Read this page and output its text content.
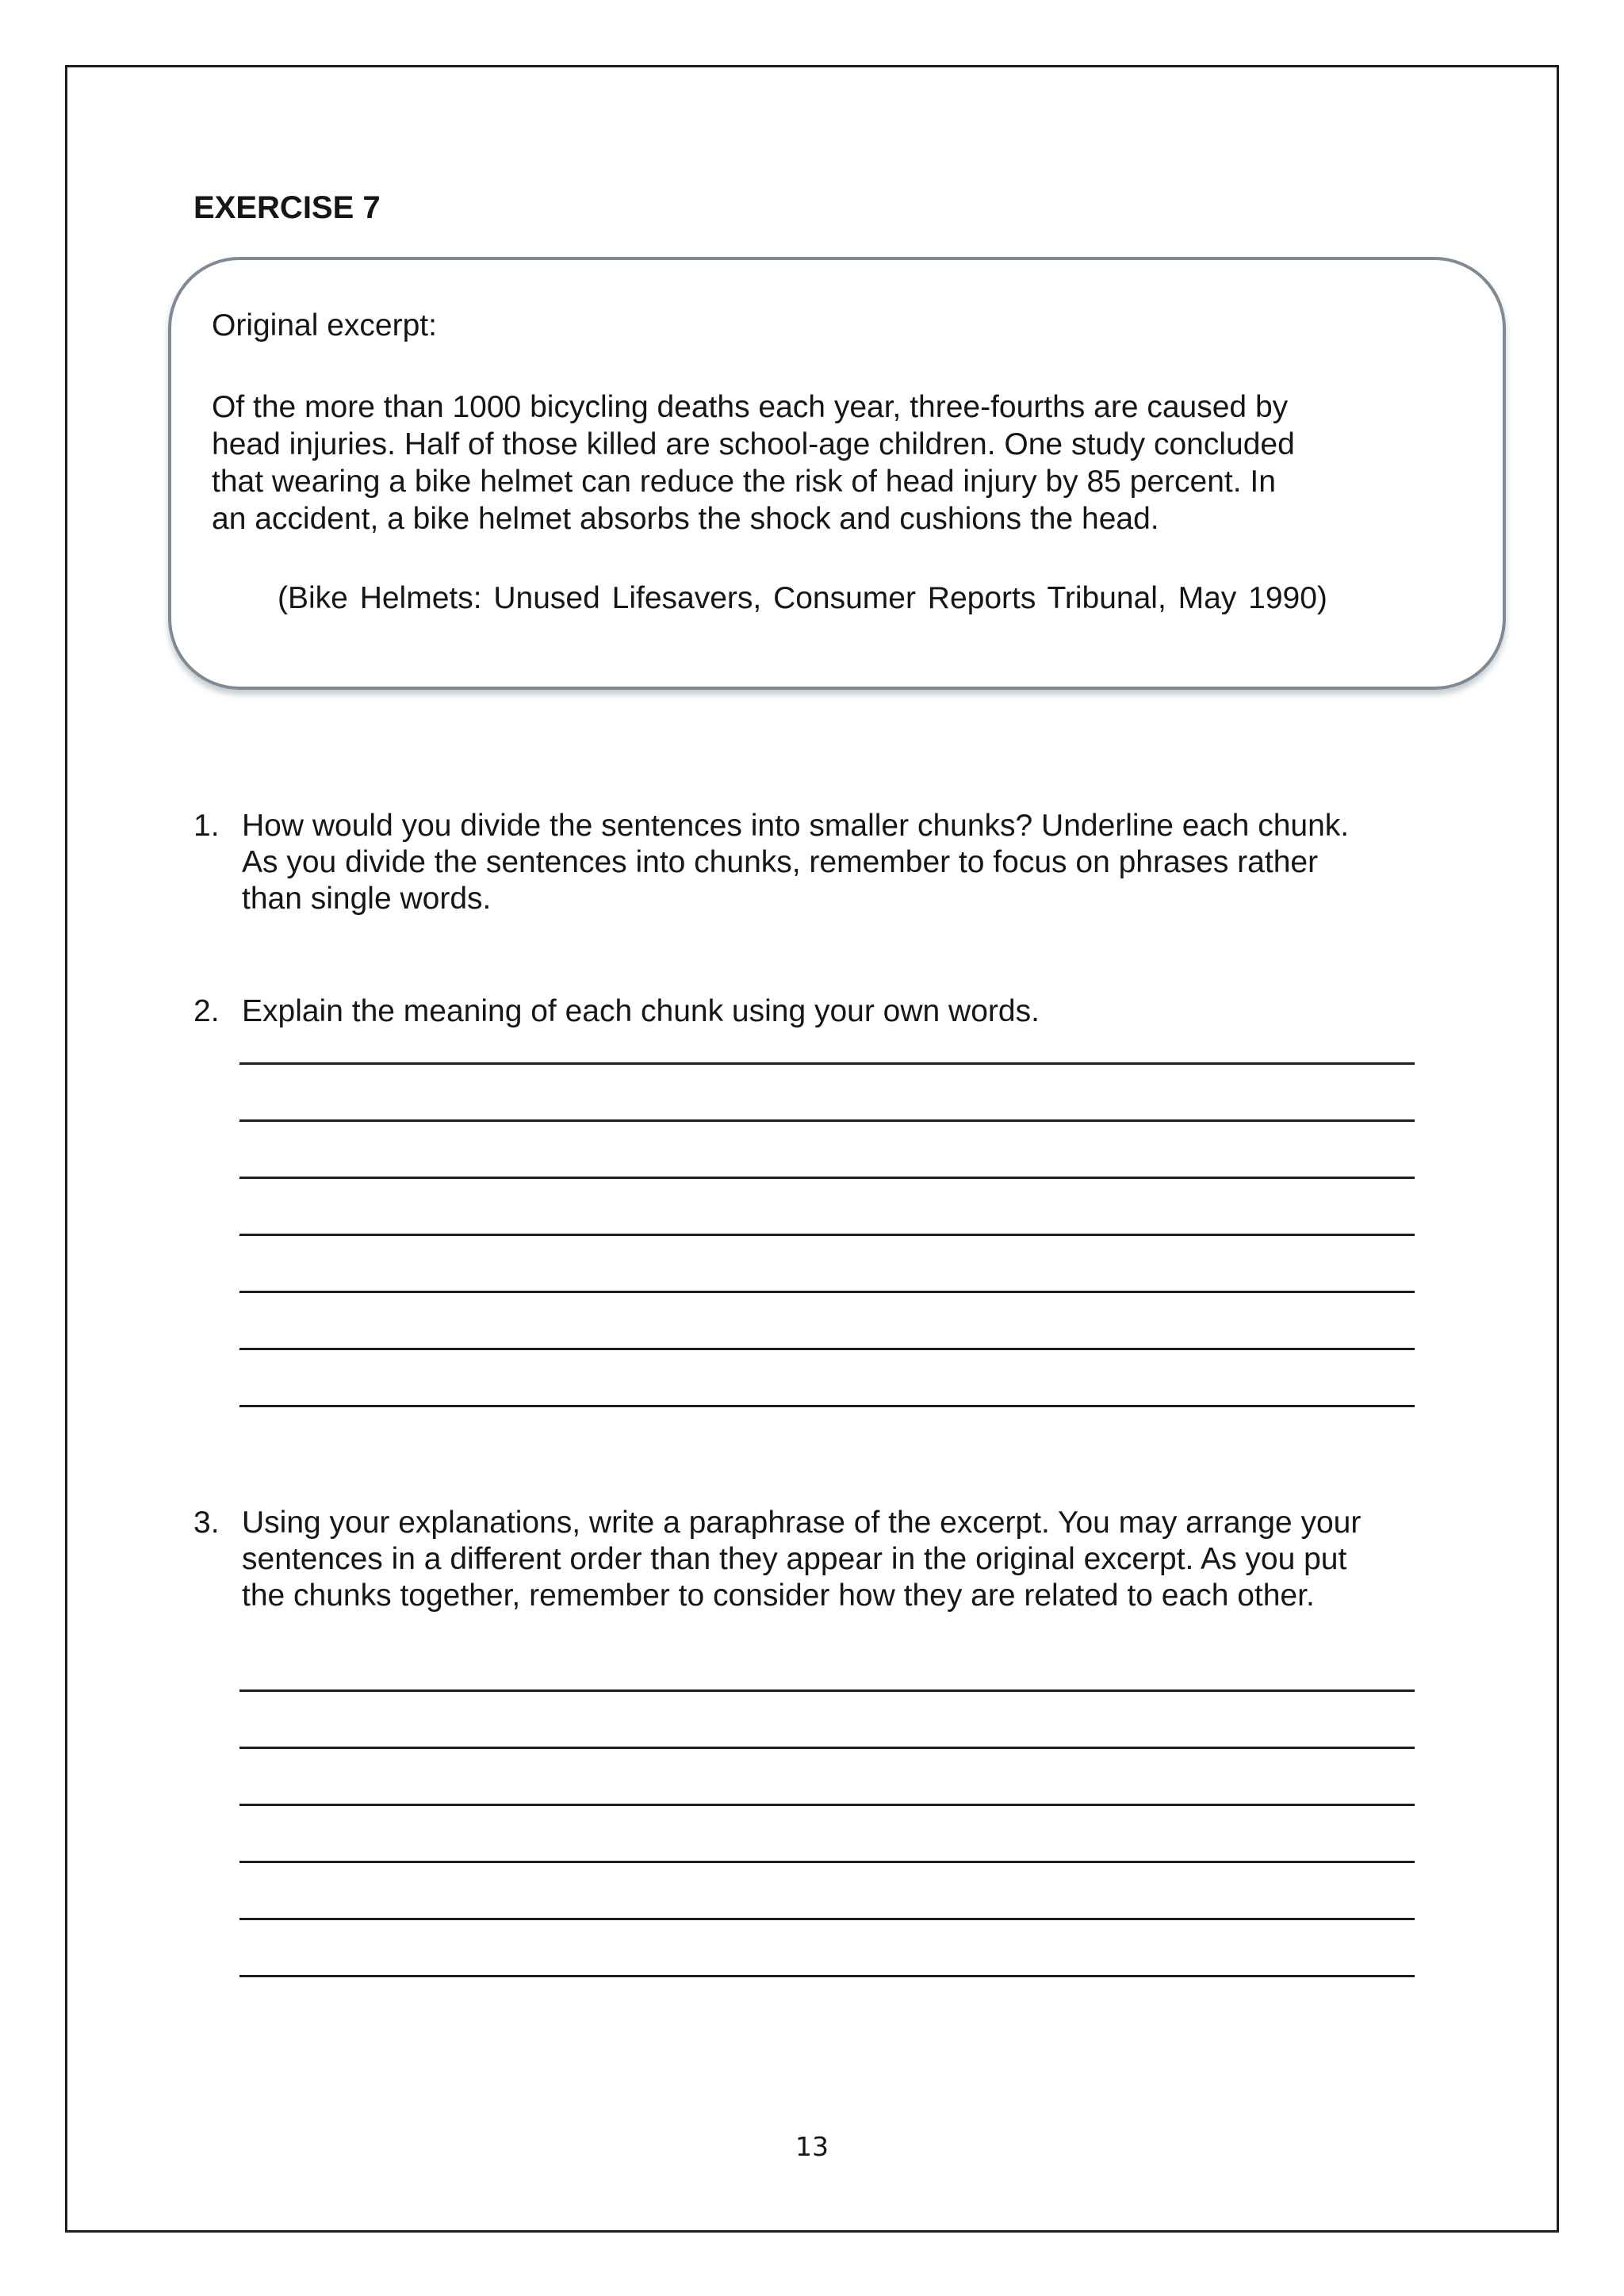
EXERCISE 7
Original excerpt:
Of the more than 1000 bicycling deaths each year, three-fourths are caused by
head injuries. Half of those killed are school-age children. One study concluded
that wearing a bike helmet can reduce the risk of head injury by 85 percent. In
an accident, a bike helmet absorbs the shock and cushions the head.
(Bike Helmets: Unused Lifesavers, Consumer Reports Tribunal, May 1990)
1. How would you divide the sentences into smaller chunks? Underline each chunk.
As you divide the sentences into chunks, remember to focus on phrases rather
than single words.
2. Explain the meaning of each chunk using your own words.
3. Using your explanations, write a paraphrase of the excerpt. You may arrange your
sentences in a different order than they appear in the original excerpt. As you put
the chunks together, remember to consider how they are related to each other.
13
